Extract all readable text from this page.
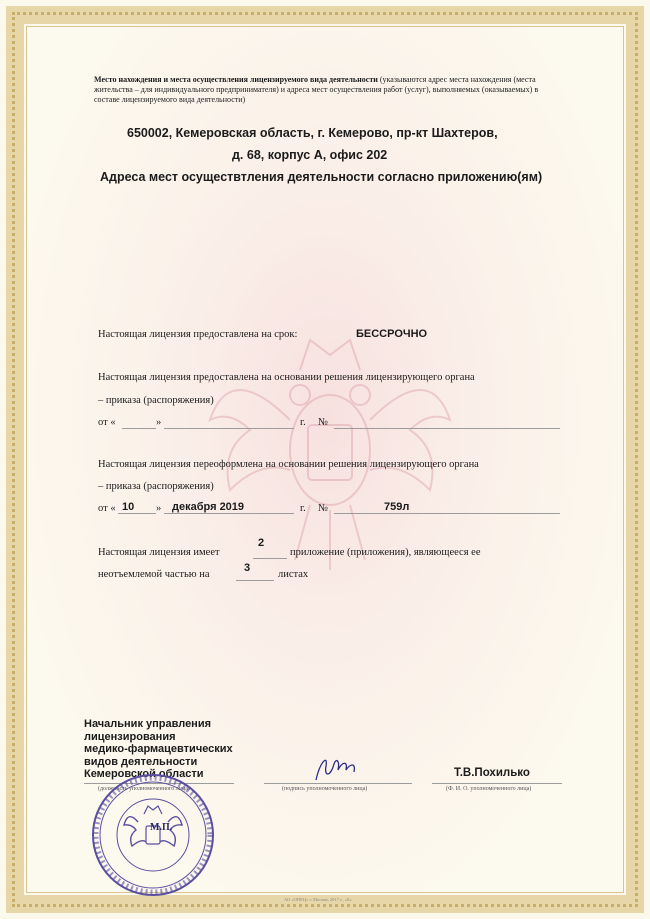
Место нахождения и места осуществления лицензируемого вида деятельности (указываются адрес места нахождения (места жительства – для индивидуального предпринимателя) и адреса мест осуществления работ (услуг), выполняемых (оказываемых) в составе лицензируемого вида деятельности)
650002, Кемеровская область, г. Кемерово, пр-кт Шахтеров,
д. 68, корпус А, офис 202
Адреса мест осуществтления деятельности согласно приложению(ям)
Настоящая лицензия предоставлена на срок:	БЕССРОЧНО
Настоящая лицензия предоставлена на основании решения лицензирующего органа
– приказа (распоряжения)
от «	»	г. №
Настоящая лицензия переоформлена на основании решения лицензирующего органа
– приказа (распоряжения)
от « 10 » декабря 2019	г. №	759л
Настоящая лицензия имеет
2
приложение (приложения), являющееся ее
неотъемлемой частью на
3
листах
Начальник управления
лицензирования
медико-фармацевтических
видов деятельности
Кемеровской области
(должность уполномоченного лица)	(подпись уполномоченного лица)
Т.В.Похилько
(Ф. И. О. уполномоченного лица)
М.П.
АО «ОПЕЦ» г. Москва, 2017 г., «Б»
